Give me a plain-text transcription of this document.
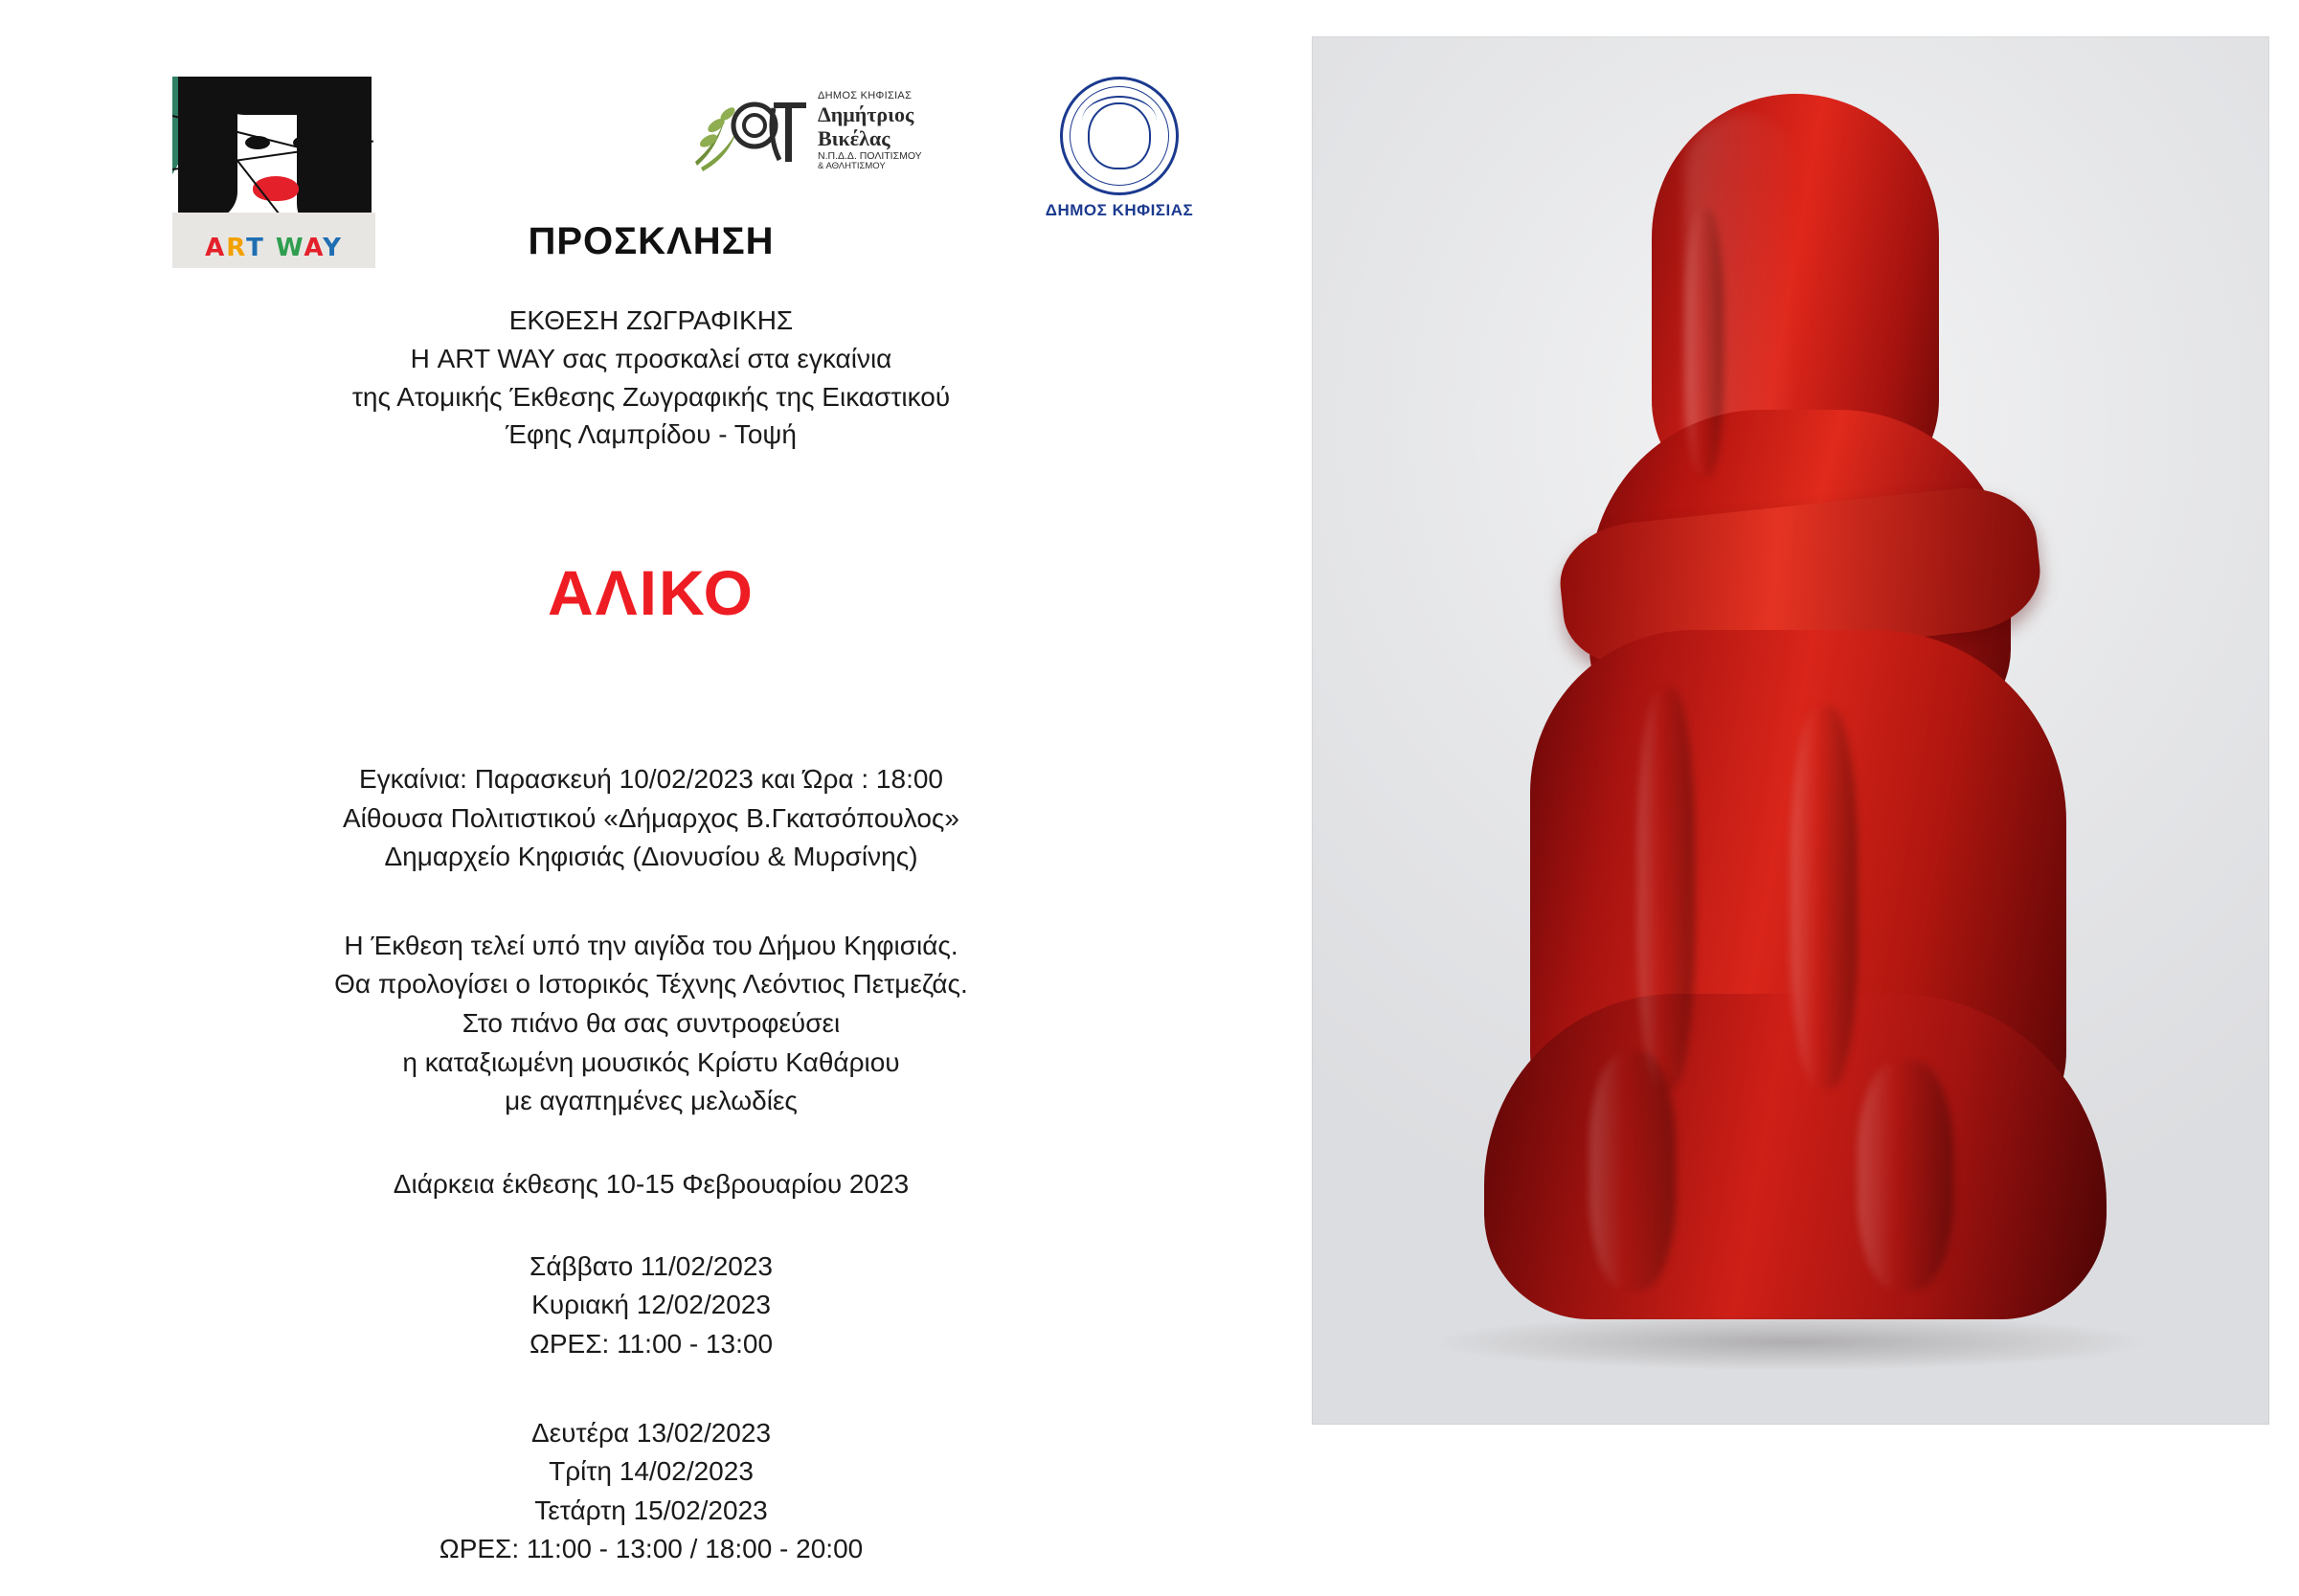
ART WAY
ΔΗΜΟΣ ΚΗΦΙΣΙΑΣ
Δημήτριος Βικέλας
Ν.Π.Δ.Δ. ΠΟΛΙΤΙΣΜΟΥ
& ΑΘΛΗΤΙΣΜΟΥ
ΔΗΜΟΣ ΚΗΦΙΣΙΑΣ
ΠΡΟΣΚΛΗΣΗ

ΕΚΘΕΣΗ ΖΩΓΡΑΦΙΚΗΣ
Η ART WAY σας προσκαλεί στα εγκαίνια
της Ατομικής Έκθεσης Ζωγραφικής της Εικαστικού
Έφης Λαμπρίδου - Τοψή

ΑΛΙΚΟ

Εγκαίνια: Παρασκευή 10/02/2023 και Ώρα : 18:00
Αίθουσα Πολιτιστικού «Δήμαρχος Β.Γκατσόπουλος»
Δημαρχείο Κηφισιάς (Διονυσίου & Μυρσίνης)

Η Έκθεση τελεί υπό την αιγίδα του Δήμου Κηφισιάς.
Θα προλογίσει ο Ιστορικός Τέχνης Λεόντιος Πετμεζάς.
Στο πιάνο θα σας συντροφεύσει
η καταξιωμένη μουσικός Κρίστυ Καθάριου
με αγαπημένες μελωδίες

Διάρκεια έκθεσης 10-15 Φεβρουαρίου 2023

Σάββατο 11/02/2023
Κυριακή 12/02/2023
ΩΡΕΣ: 11:00 - 13:00

Δευτέρα 13/02/2023
Τρίτη 14/02/2023
Τετάρτη 15/02/2023
ΩΡΕΣ: 11:00 - 13:00 / 18:00 - 20:00
